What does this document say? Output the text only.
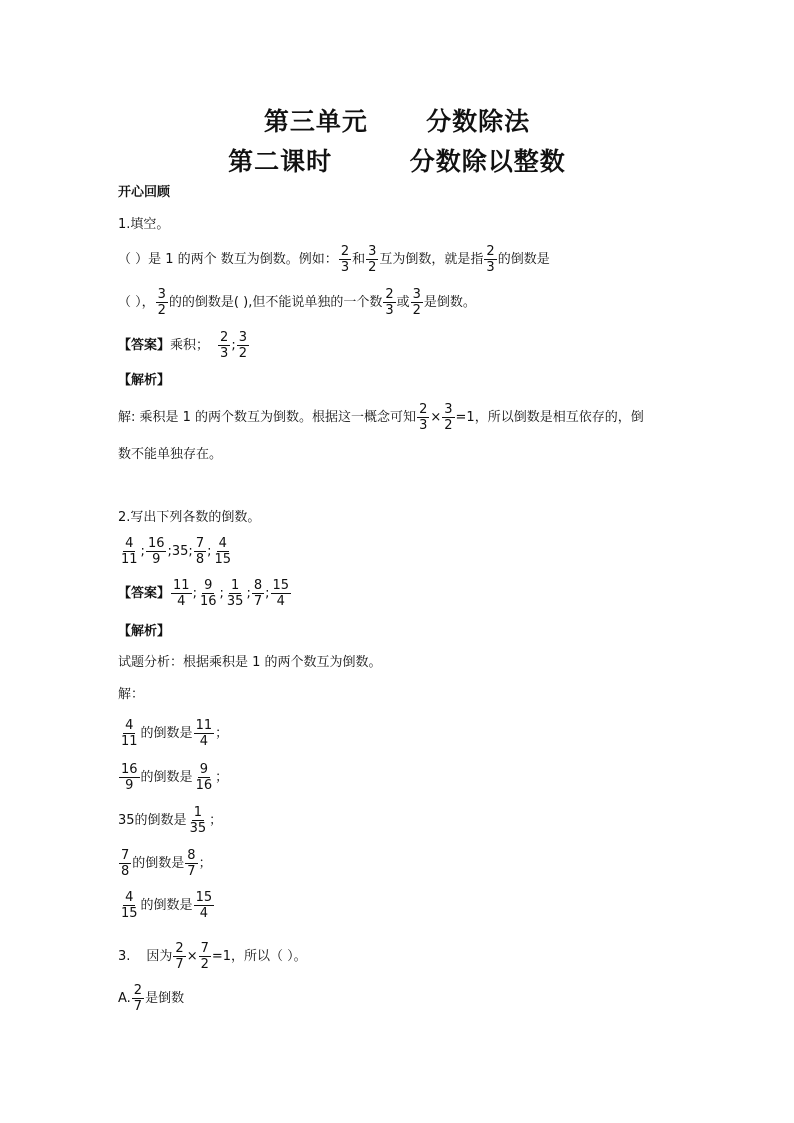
第三单元      分数除法
第二课时        分数除以整数
开心回顾
1.填空。
（ ） 是 1 的两个 数互为倒数。例如： $\frac{2}{3}$ 和 $\frac{3}{2}$ 互为倒数，就是指 $\frac{2}{3}$ 的倒数是
（ ）， $\frac{3}{2}$ 的的倒数是( ),但不能说单独的一个数 $\frac{2}{3}$ 或 $\frac{3}{2}$ 是倒数。
【答案】 乘积； $\frac{2}{3}$ ; $\frac{3}{2}$
【解析】
解: 乘积是 1 的两个数互为倒数。根据这一概念可知 $\frac{2}{3} \times \frac{3}{2} =1$，所以倒数是相互依存的，倒
数不能单独存在。
2.写出下列各数的倒数。
$\frac{4}{11}$ ; $\frac{16}{9}$ ; 35 ; $\frac{7}{8}$ ; $\frac{4}{15}$
【答案】 $\frac{11}{4}$ ; $\frac{9}{16}$ ; $\frac{1}{35}$ ; $\frac{8}{7}$ ; $\frac{15}{4}$
【解析】
试题分析：根据乘积是 1 的两个数互为倒数。
解：
$\frac{4}{11}$ 的倒数是 $\frac{11}{4}$ ；
$\frac{16}{9}$ 的倒数是 $\frac{9}{16}$ ；
35 的倒数是 $\frac{1}{35}$ ；
$\frac{7}{8}$ 的倒数是 $\frac{8}{7}$ ；
$\frac{4}{15}$ 的倒数是 $\frac{15}{4}$
3. 因为 $\frac{2}{7} \times \frac{7}{2} =1$，所以（ ）。
A. $\frac{2}{7}$ 是倒数
